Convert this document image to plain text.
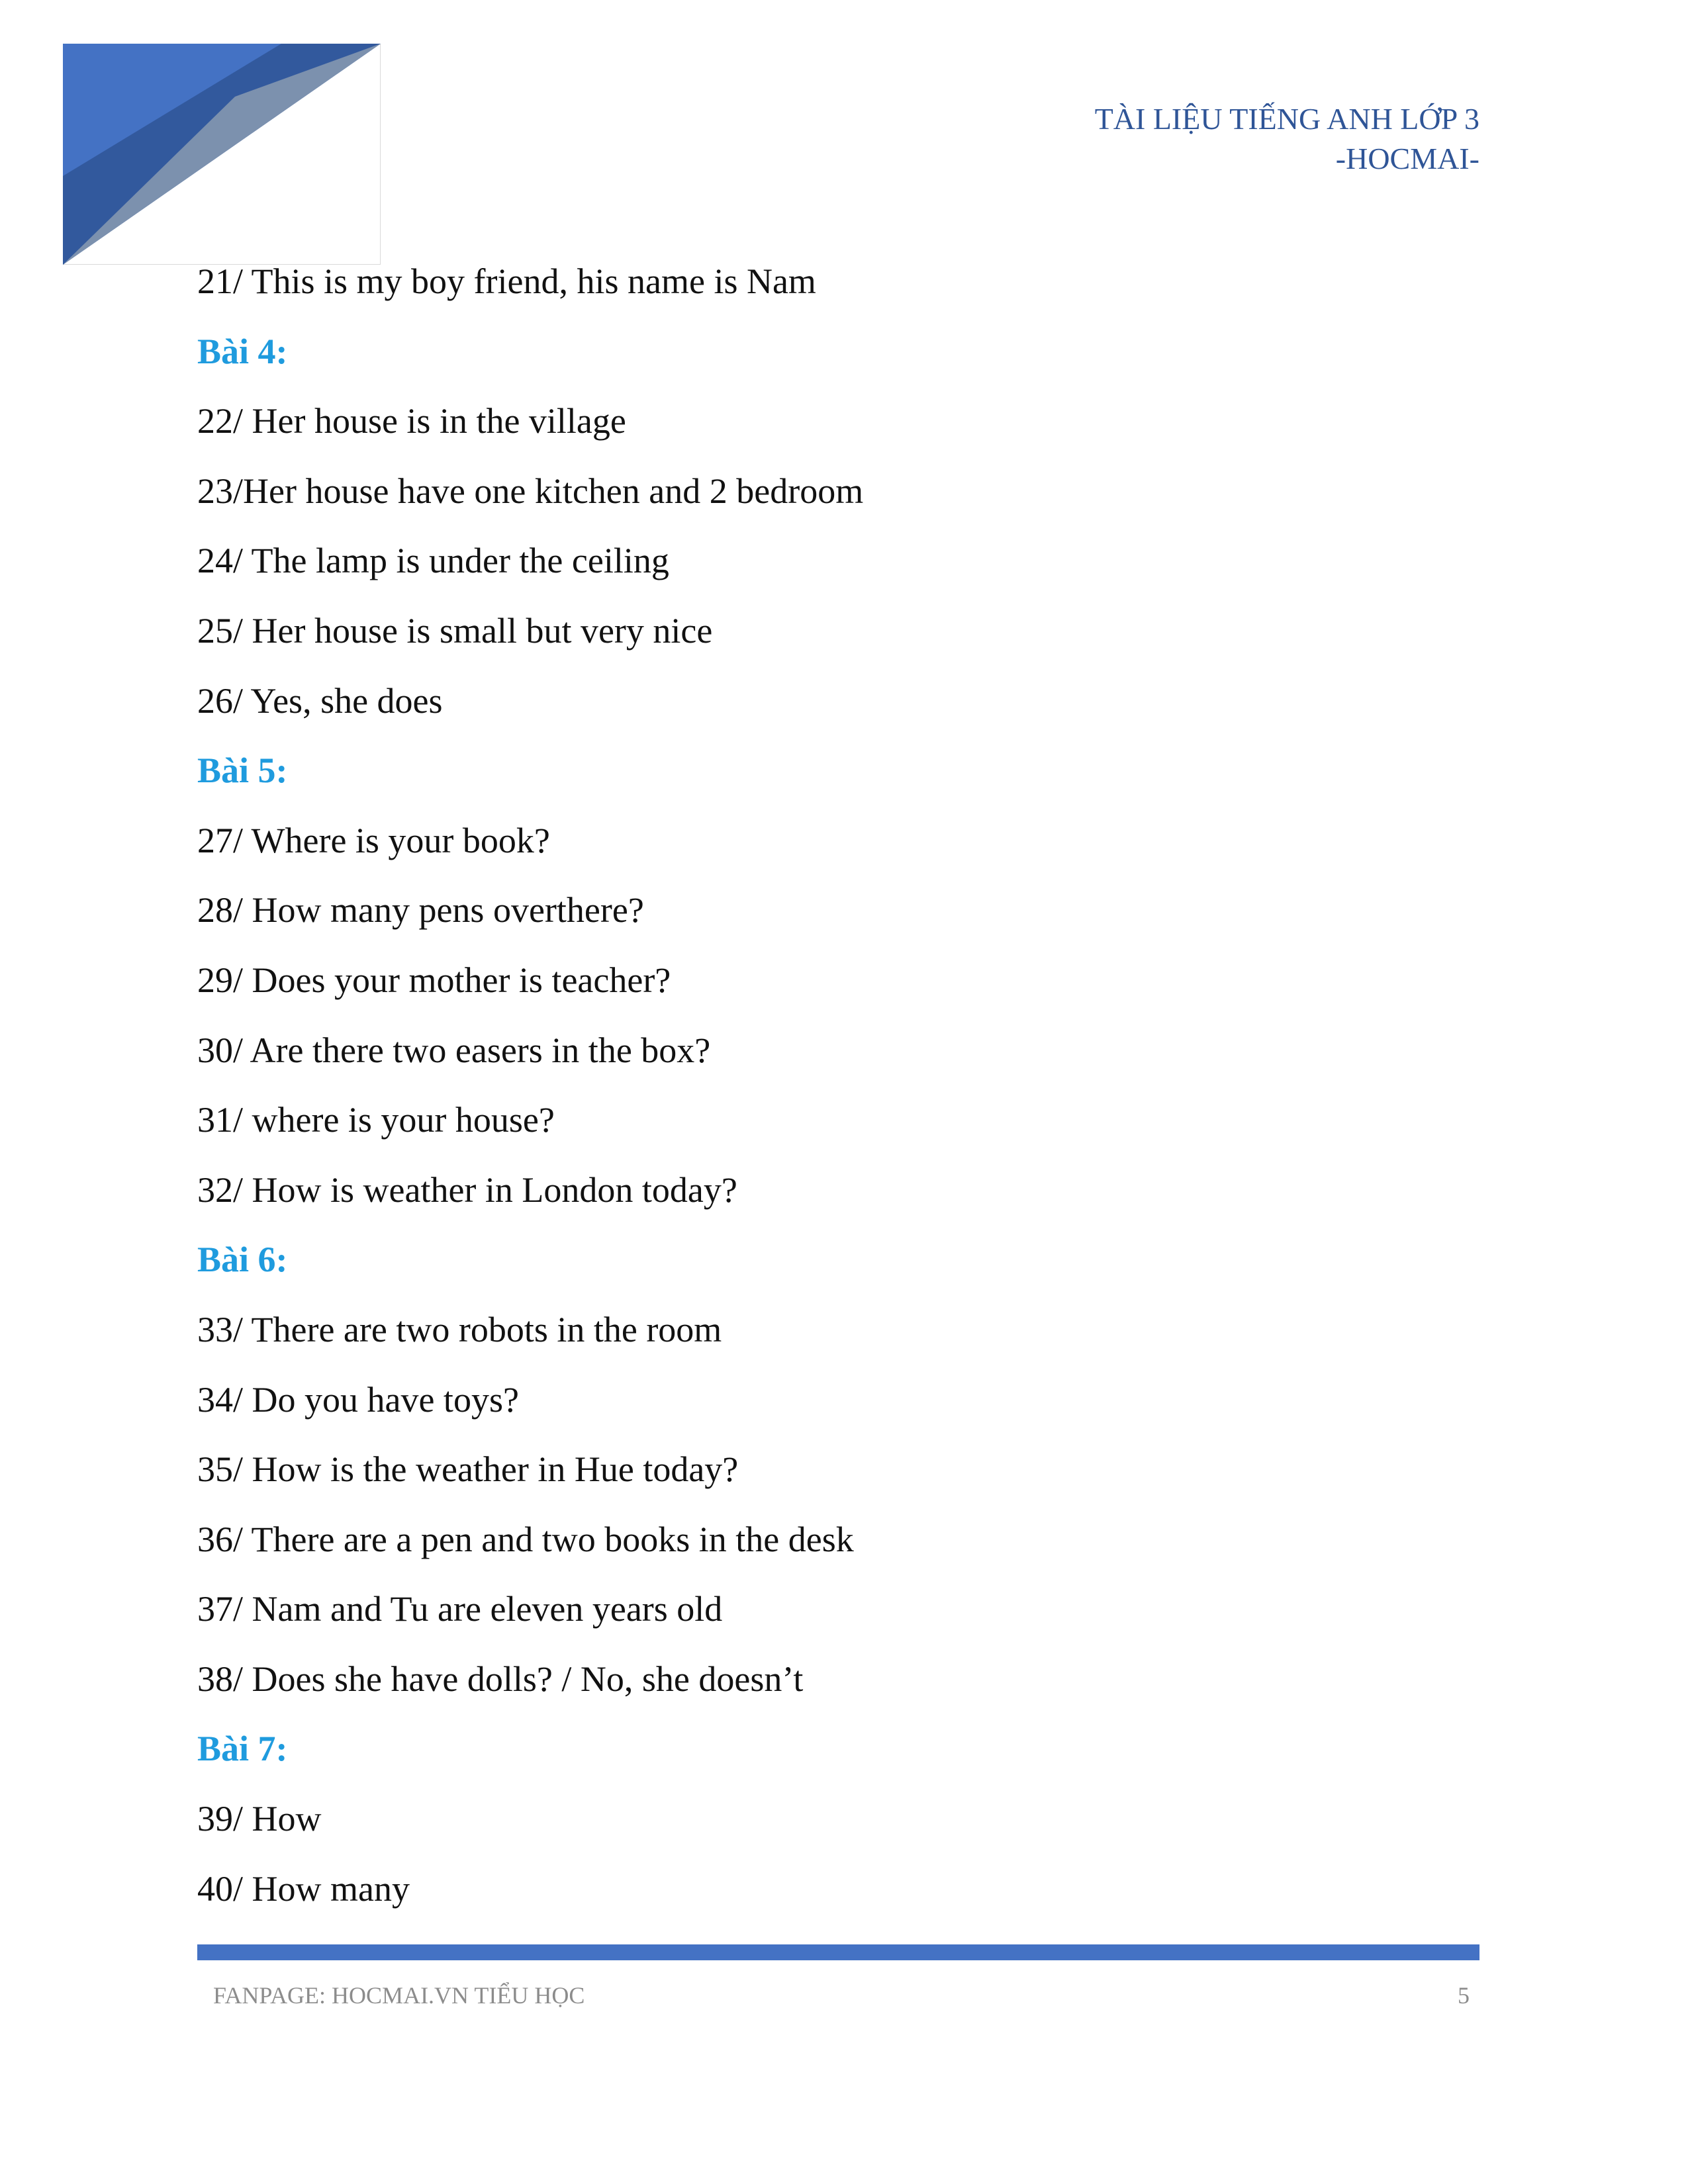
TÀI LIỆU TIẾNG ANH LỚP 3
-HOCMAI-
21/ This is my boy friend, his name is Nam
Bài 4:
22/ Her house is in the village
23/Her house have one kitchen and 2 bedroom
24/ The lamp is under the ceiling
25/ Her house is small but very nice
26/ Yes, she does
Bài 5:
27/ Where is your book?
28/ How many pens overthere?
29/ Does your mother is teacher?
30/ Are there two easers in the box?
31/ where is your house?
32/ How is weather in London today?
Bài 6:
33/ There are two robots in the room
34/ Do you have toys?
35/ How is the weather in Hue today?
36/ There are a pen and two books in the desk
37/ Nam and Tu are eleven years old
38/ Does she have dolls? / No, she doesn’t
Bài 7:
39/ How
40/ How many
FANPAGE: HOCMAI.VN TIỂU HỌC	5
